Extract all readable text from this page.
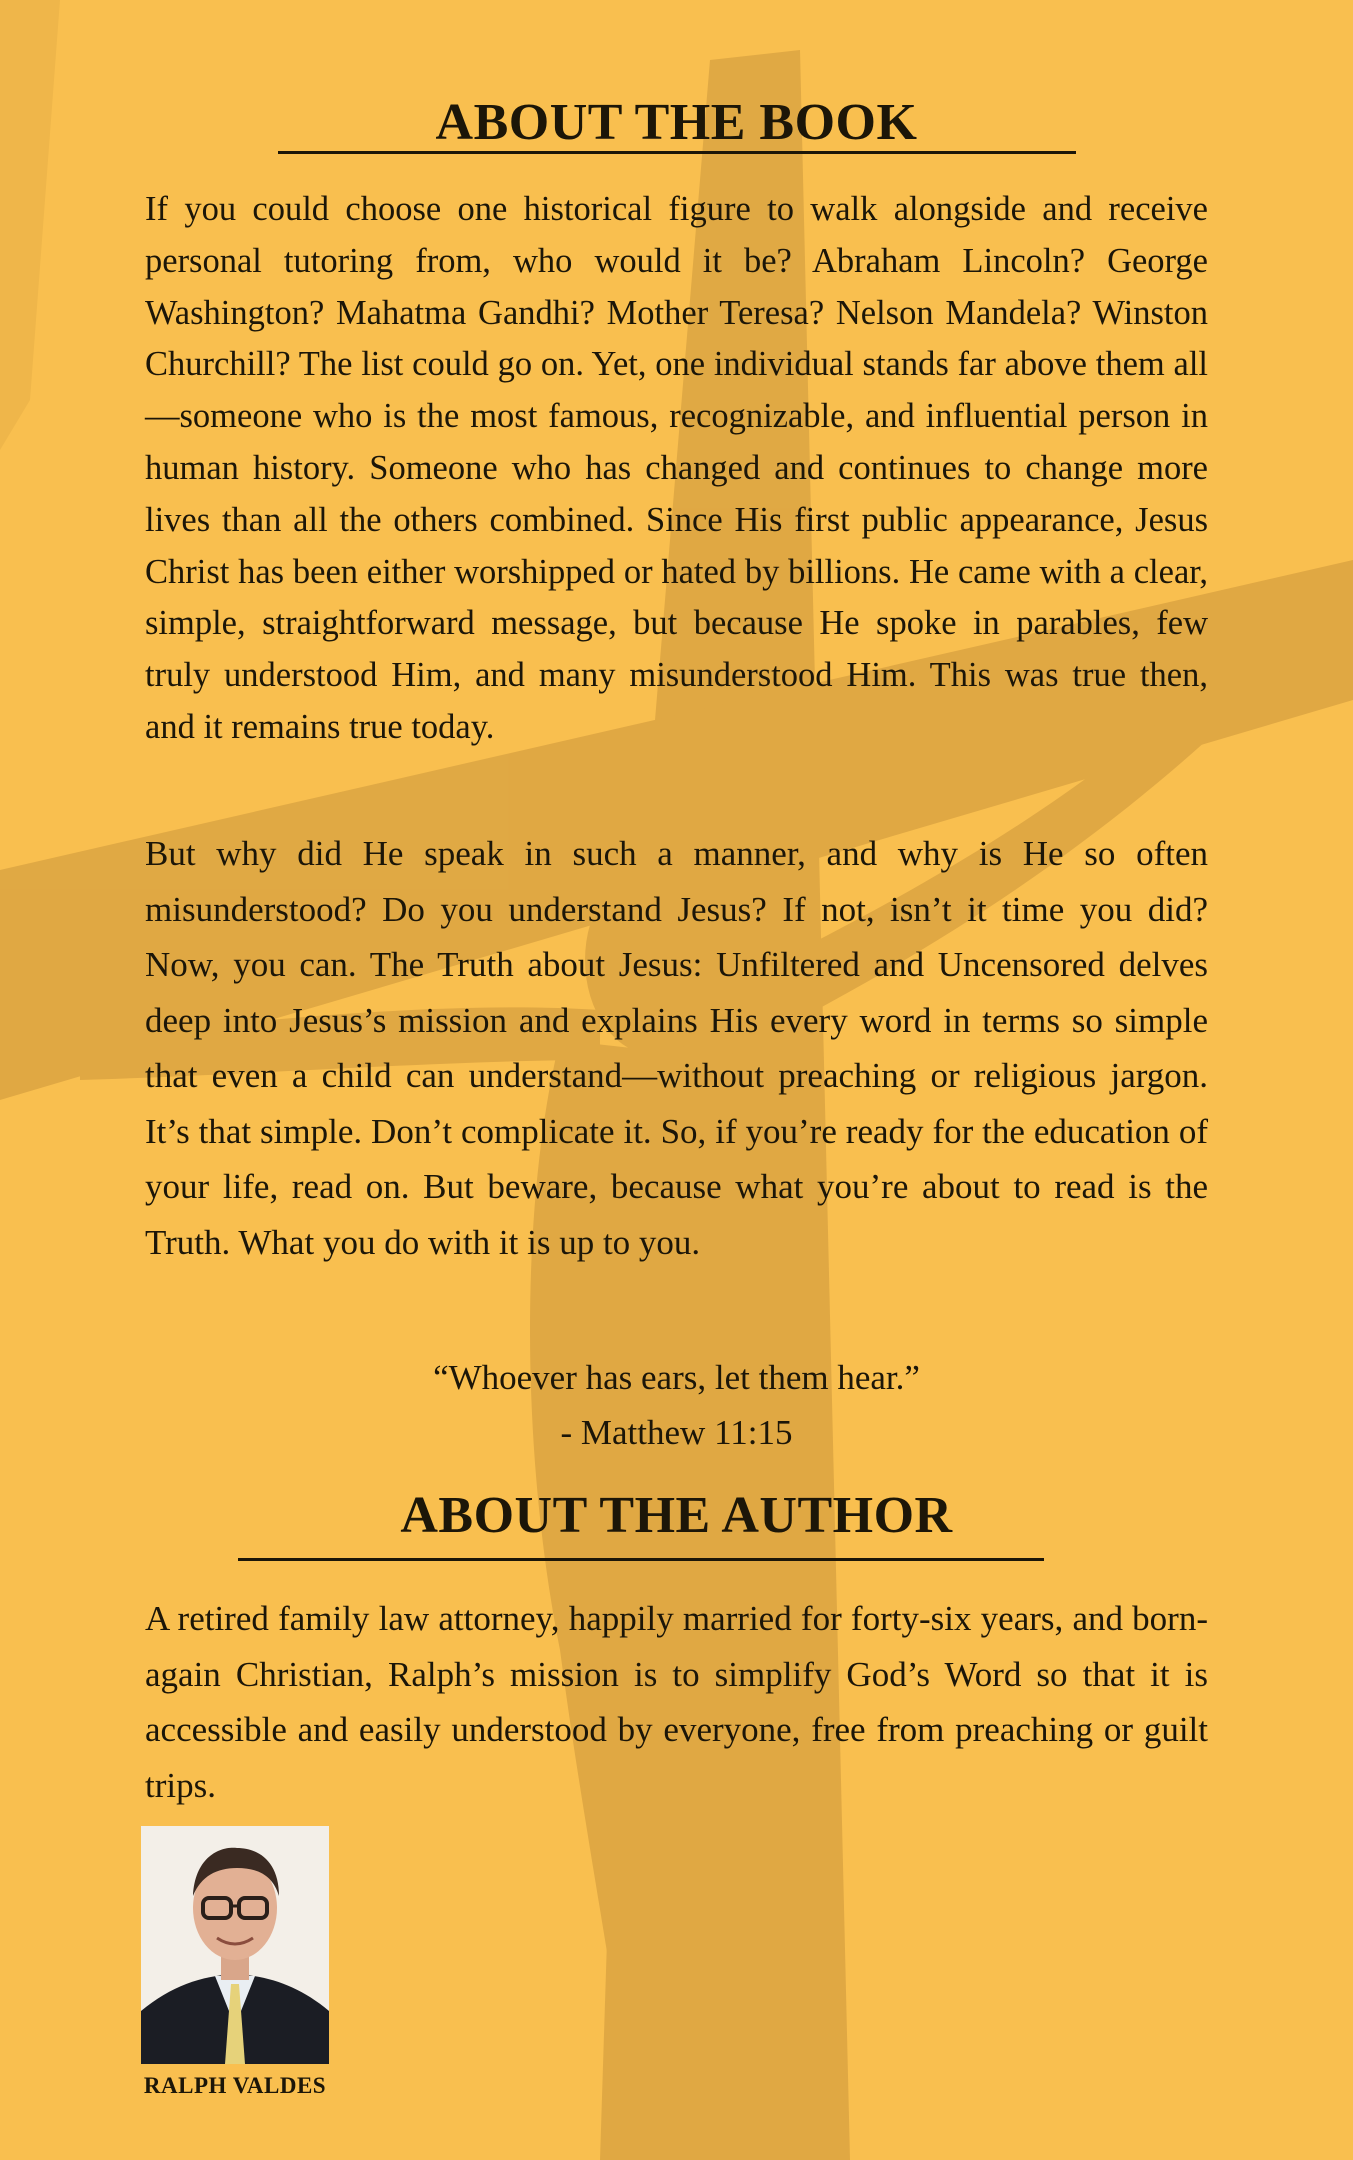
ABOUT THE BOOK

If you could choose one historical figure to walk alongside and receive personal tutoring from, who would it be? Abraham Lincoln? George Washington? Mahatma Gandhi? Mother Teresa? Nelson Mandela? Winston Churchill? The list could go on. Yet, one individual stands far above them all—someone who is the most famous, recognizable, and influential person in human history. Someone who has changed and continues to change more lives than all the others combined. Since His first public appearance, Jesus Christ has been either worshipped or hated by billions. He came with a clear, simple, straightforward message, but because He spoke in parables, few truly understood Him, and many misunderstood Him. This was true then, and it remains true today.

But why did He speak in such a manner, and why is He so often misunderstood? Do you understand Jesus? If not, isn’t it time you did? Now, you can. The Truth about Jesus: Unfiltered and Uncensored delves deep into Jesus’s mission and explains His every word in terms so simple that even a child can understand—without preaching or religious jargon. It’s that simple. Don’t complicate it. So, if you’re ready for the education of your life, read on. But beware, because what you’re about to read is the Truth. What you do with it is up to you.

“Whoever has ears, let them hear.”

- Matthew 11:15

ABOUT THE AUTHOR

A retired family law attorney, happily married for forty-six years, and born-again Christian, Ralph’s mission is to simplify God’s Word so that it is accessible and easily understood by everyone, free from preaching or guilt trips.

RALPH VALDES
